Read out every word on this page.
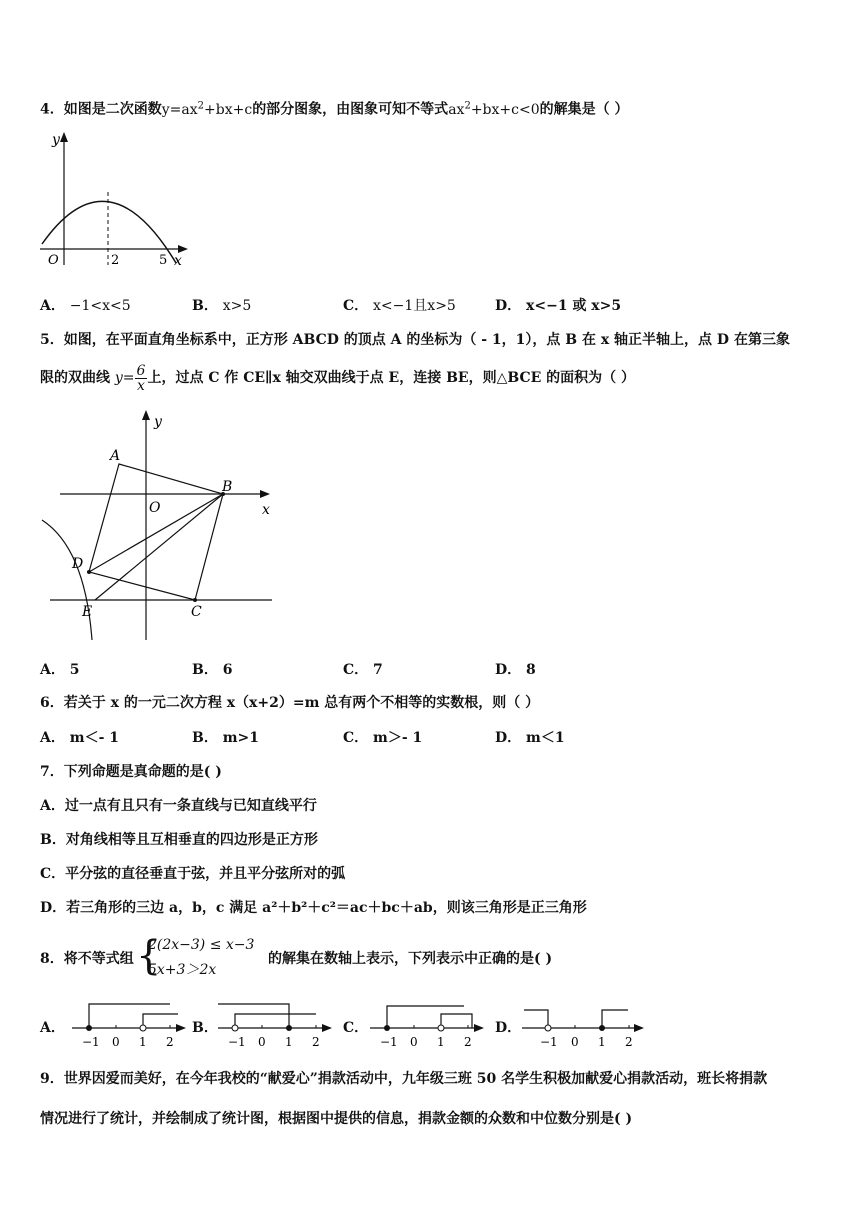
4．如图是二次函数$y=ax^2+bx+c$的部分图象，由图象可知不等式$ax^2+bx+c<0$的解集是（ ）
y
O	2	5 x
A． −1<x<5	B． x>5	C． x<−1且x>5	D． x<−1 或 x>5
5．如图，在平面直角坐标系中，正方形 ABCD 的顶点 A 的坐标为（ - 1，1），点 B 在 x 轴正半轴上，点 D 在第三象
限的双曲线 $y= \frac{6}{x}$ 上，过点 C 作 CE∥x 轴交双曲线于点 E，连接 BE，则△BCE 的面积为（ ）
y
A
B
O	x
D
E	C
A． 5	B． 6	C． 7	D． 8
6．若关于 x 的一元二次方程 x（x+2）=m 总有两个不相等的实数根，则（ ）
A． m＜- 1	B． m>1	C． m＞- 1	D． m＜1
7．下列命题是真命题的是( )
A．过一点有且只有一条直线与已知直线平行
B．对角线相等且互相垂直的四边形是正方形
C．平分弦的直径垂直于弦，并且平分弦所对的弧
D．若三角形的三边 a，b，c 满足 a²＋b²＋c²＝ac＋bc＋ab，则该三角形是正三角形
8．将不等式组 {
2(2x−3) ≤ x−3
5x+3＞2x
的解集在数轴上表示，下列表示中正确的是( )
A．
−1 0 1 2
B．
−1 0 1 2
C．
−1 0 1 2
D．
−1 0 1 2
9．世界因爱而美好，在今年我校的“献爱心”捐款活动中，九年级三班 50 名学生积极加献爱心捐款活动，班长将捐款
情况进行了统计，并绘制成了统计图，根据图中提供的信息，捐款金额的众数和中位数分别是( )
